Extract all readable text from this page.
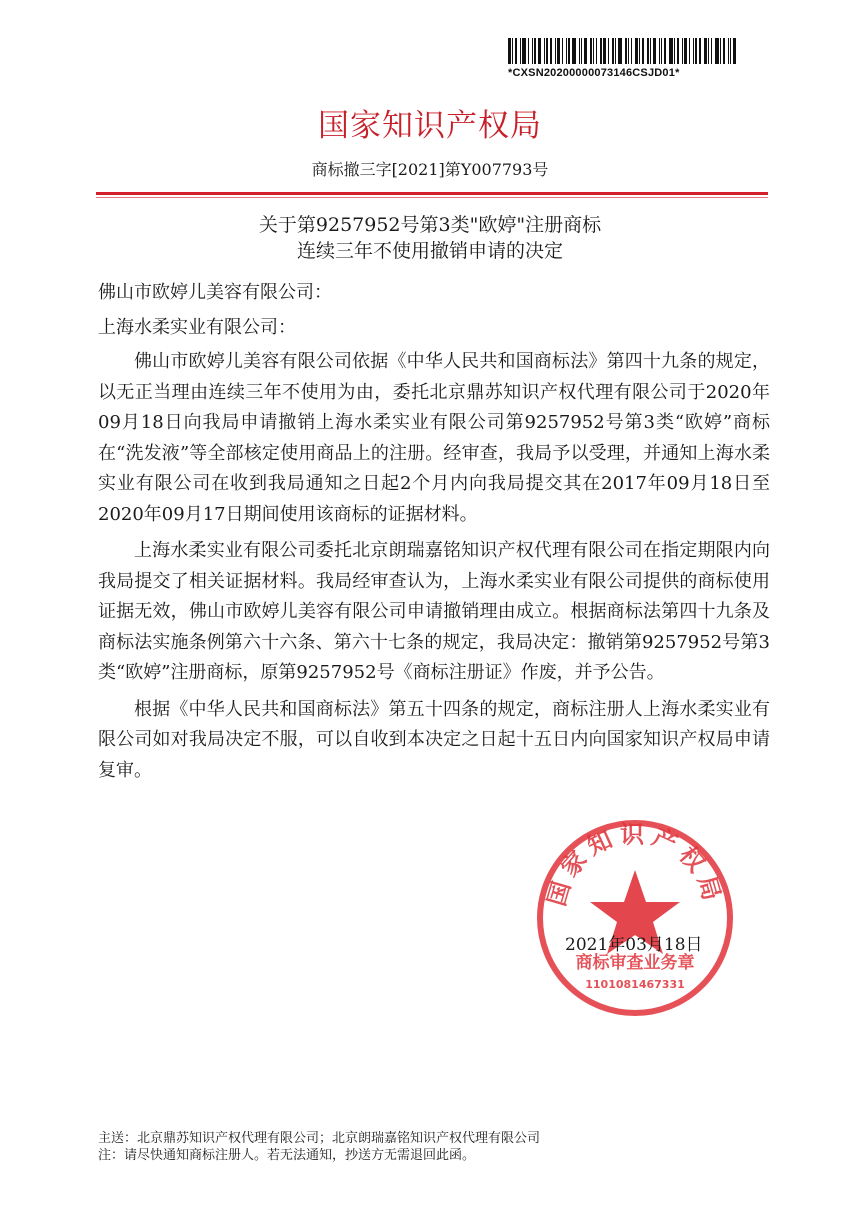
*CXSN20200000073146CSJD01*
国家知识产权局
商标撤三字[2021]第Y007793号
关于第9257952号第3类"欧婷"注册商标
连续三年不使用撤销申请的决定

佛山市欧婷儿美容有限公司：

上海水柔实业有限公司：

佛山市欧婷儿美容有限公司依据《中华人民共和国商标法》第四十九条的规定，以无正当理由连续三年不使用为由，委托北京鼎苏知识产权代理有限公司于2020年09月18日向我局申请撤销上海水柔实业有限公司第9257952号第3类“欧婷”商标在“洗发液”等全部核定使用商品上的注册。经审查，我局予以受理，并通知上海水柔实业有限公司在收到我局通知之日起2个月内向我局提交其在2017年09月18日至2020年09月17日期间使用该商标的证据材料。

上海水柔实业有限公司委托北京朗瑞嘉铭知识产权代理有限公司在指定期限内向我局提交了相关证据材料。我局经审查认为，上海水柔实业有限公司提供的商标使用证据无效，佛山市欧婷儿美容有限公司申请撤销理由成立。根据商标法第四十九条及商标法实施条例第六十六条、第六十七条的规定，我局决定：撤销第9257952号第3类“欧婷”注册商标，原第9257952号《商标注册证》作废，并予公告。

根据《中华人民共和国商标法》第五十四条的规定，商标注册人上海水柔实业有限公司如对我局决定不服，可以自收到本决定之日起十五日内向国家知识产权局申请复审。

国家知识产权局
商标审查业务章
1101081467331
2021年03月18日

主送：北京鼎苏知识产权代理有限公司；北京朗瑞嘉铭知识产权代理有限公司

注：请尽快通知商标注册人。若无法通知，抄送方无需退回此函。
